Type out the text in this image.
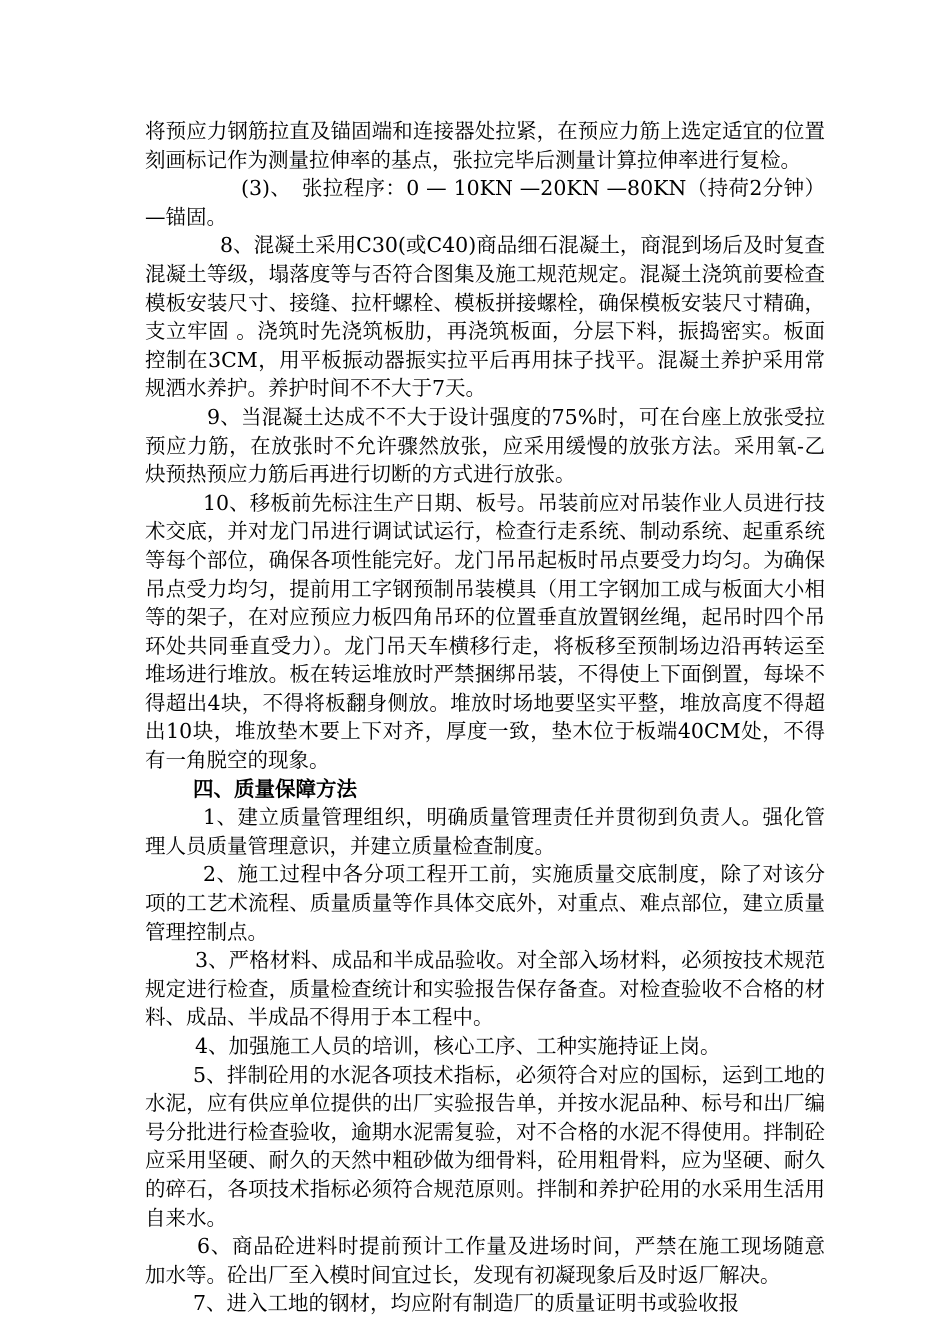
将预应力钢筋拉直及锚固端和连接器处拉紧，在预应力筋上选定适宜的位置刻画标记作为测量拉伸率的基点，张拉完毕后测量计算拉伸率进行复检。

(3)、　张拉程序：0 — 10KN —20KN —80KN（持荷2分钟）—锚固。

8、混凝土采用C30(或C40)商品细石混凝土，商混到场后及时复查混凝土等级，塌落度等与否符合图集及施工规范规定。混凝土浇筑前要检查模板安装尺寸、接缝、拉杆螺栓、模板拼接螺栓，确保模板安装尺寸精确，支立牢固 。浇筑时先浇筑板肋，再浇筑板面，分层下料，振捣密实。板面控制在3CM，用平板振动器振实拉平后再用抹子找平。混凝土养护采用常规洒水养护。养护时间不不大于7天。

9、当混凝土达成不不大于设计强度的75%时，可在台座上放张受拉预应力筋，在放张时不允许骤然放张，应采用缓慢的放张方法。采用氧-乙炔预热预应力筋后再进行切断的方式进行放张。

10、移板前先标注生产日期、板号。吊装前应对吊装作业人员进行技术交底，并对龙门吊进行调试试运行，检查行走系统、制动系统、起重系统等每个部位，确保各项性能完好。龙门吊吊起板时吊点要受力均匀。为确保吊点受力均匀，提前用工字钢预制吊装模具（用工字钢加工成与板面大小相等的架子，在对应预应力板四角吊环的位置垂直放置钢丝绳，起吊时四个吊环处共同垂直受力）。龙门吊天车横移行走，将板移至预制场边沿再转运至堆场进行堆放。板在转运堆放时严禁捆绑吊装，不得使上下面倒置，每垛不得超出4块，不得将板翻身侧放。堆放时场地要坚实平整，堆放高度不得超出10块，堆放垫木要上下对齐，厚度一致，垫木位于板端40CM处，不得有一角脱空的现象。

四、质量保障方法

1、建立质量管理组织，明确质量管理责任并贯彻到负责人。强化管理人员质量管理意识，并建立质量检查制度。

2、施工过程中各分项工程开工前，实施质量交底制度，除了对该分项的工艺术流程、质量质量等作具体交底外，对重点、难点部位，建立质量管理控制点。

3、严格材料、成品和半成品验收。对全部入场材料，必须按技术规范规定进行检查，质量检查统计和实验报告保存备查。对检查验收不合格的材料、成品、半成品不得用于本工程中。

4、加强施工人员的培训，核心工序、工种实施持证上岗。

5、拌制砼用的水泥各项技术指标，必须符合对应的国标，运到工地的水泥，应有供应单位提供的出厂实验报告单，并按水泥品种、标号和出厂编号分批进行检查验收，逾期水泥需复验，对不合格的水泥不得使用。拌制砼应采用坚硬、耐久的天然中粗砂做为细骨料，砼用粗骨料，应为坚硬、耐久的碎石，各项技术指标必须符合规范原则。拌制和养护砼用的水采用生活用自来水。

6、商品砼进料时提前预计工作量及进场时间，严禁在施工现场随意加水等。砼出厂至入模时间宜过长，发现有初凝现象后及时返厂解决。

7、进入工地的钢材，均应附有制造厂的质量证明书或验收报
